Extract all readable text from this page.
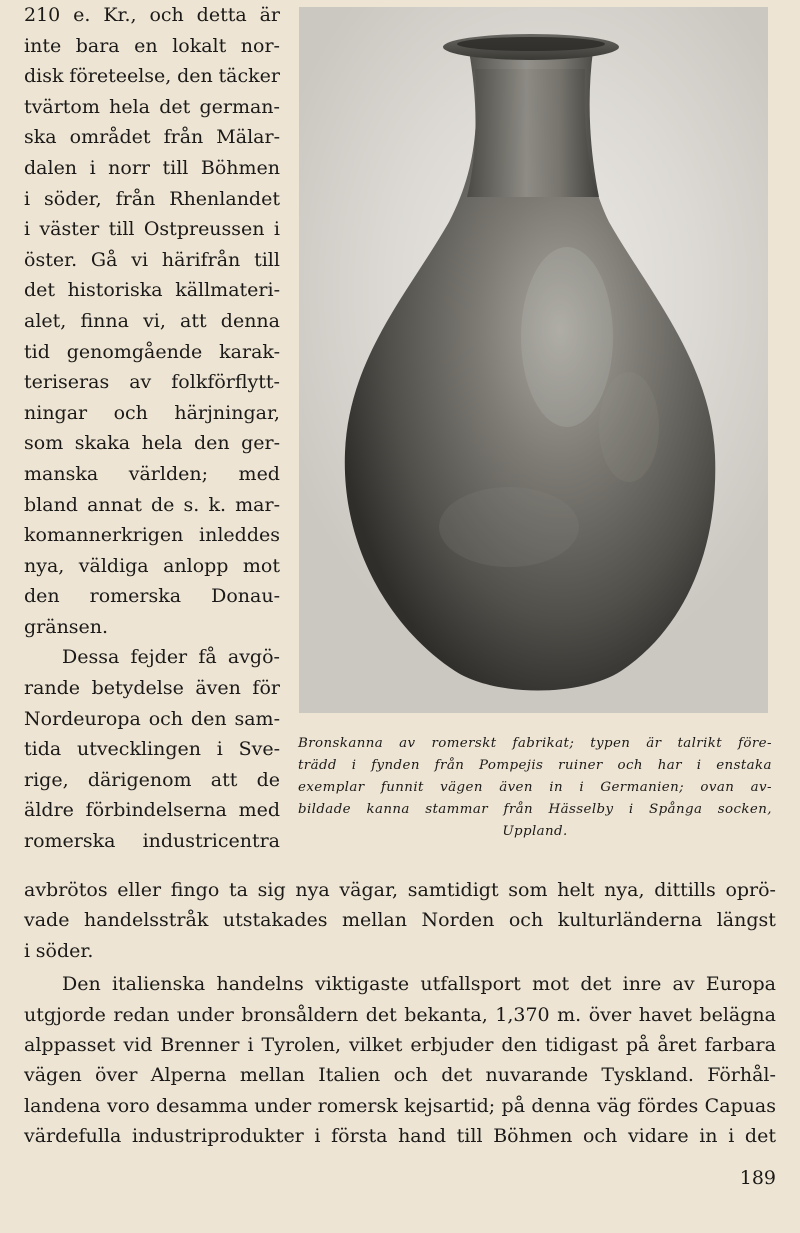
210 e. Kr., och detta är
inte bara en lokalt nor-
disk företeelse, den täcker
tvärtom hela det german-
ska området från Mälar-
dalen i norr till Böhmen
i söder, från Rhenlandet
i väster till Ostpreussen i
öster. Gå vi härifrån till
det historiska källmateri-
alet, finna vi, att denna
tid genomgående karak-
teriseras av folkförflytt-
ningar och härjningar,
som skaka hela den ger-
manska världen; med
bland annat de s. k. mar-
komannerkrigen inleddes
nya, väldiga anlopp mot
den romerska Donau-
gränsen.
Dessa fejder få avgö-
rande betydelse även för
Nordeuropa och den sam-
tida utvecklingen i Sve-
rige, därigenom att de
äldre förbindelserna med
romerska industricentra
Bronskanna av romerskt fabrikat; typen är talrikt före-
trädd i fynden från Pompejis ruiner och har i enstaka
exemplar funnit vägen även in i Germanien; ovan av-
bildade kanna stammar från Hässelby i Spånga socken,
Uppland.
avbrötos eller fingo ta sig nya vägar, samtidigt som helt nya, dittills oprö-
vade handelsstråk utstakades mellan Norden och kulturländerna längst
i söder.
Den italienska handelns viktigaste utfallsport mot det inre av Europa
utgjorde redan under bronsåldern det bekanta, 1,370 m. över havet belägna
alppasset vid Brenner i Tyrolen, vilket erbjuder den tidigast på året farbara
vägen över Alperna mellan Italien och det nuvarande Tyskland. Förhål-
landena voro desamma under romersk kejsartid; på denna väg fördes Capuas
värdefulla industriprodukter i första hand till Böhmen och vidare in i det
189
